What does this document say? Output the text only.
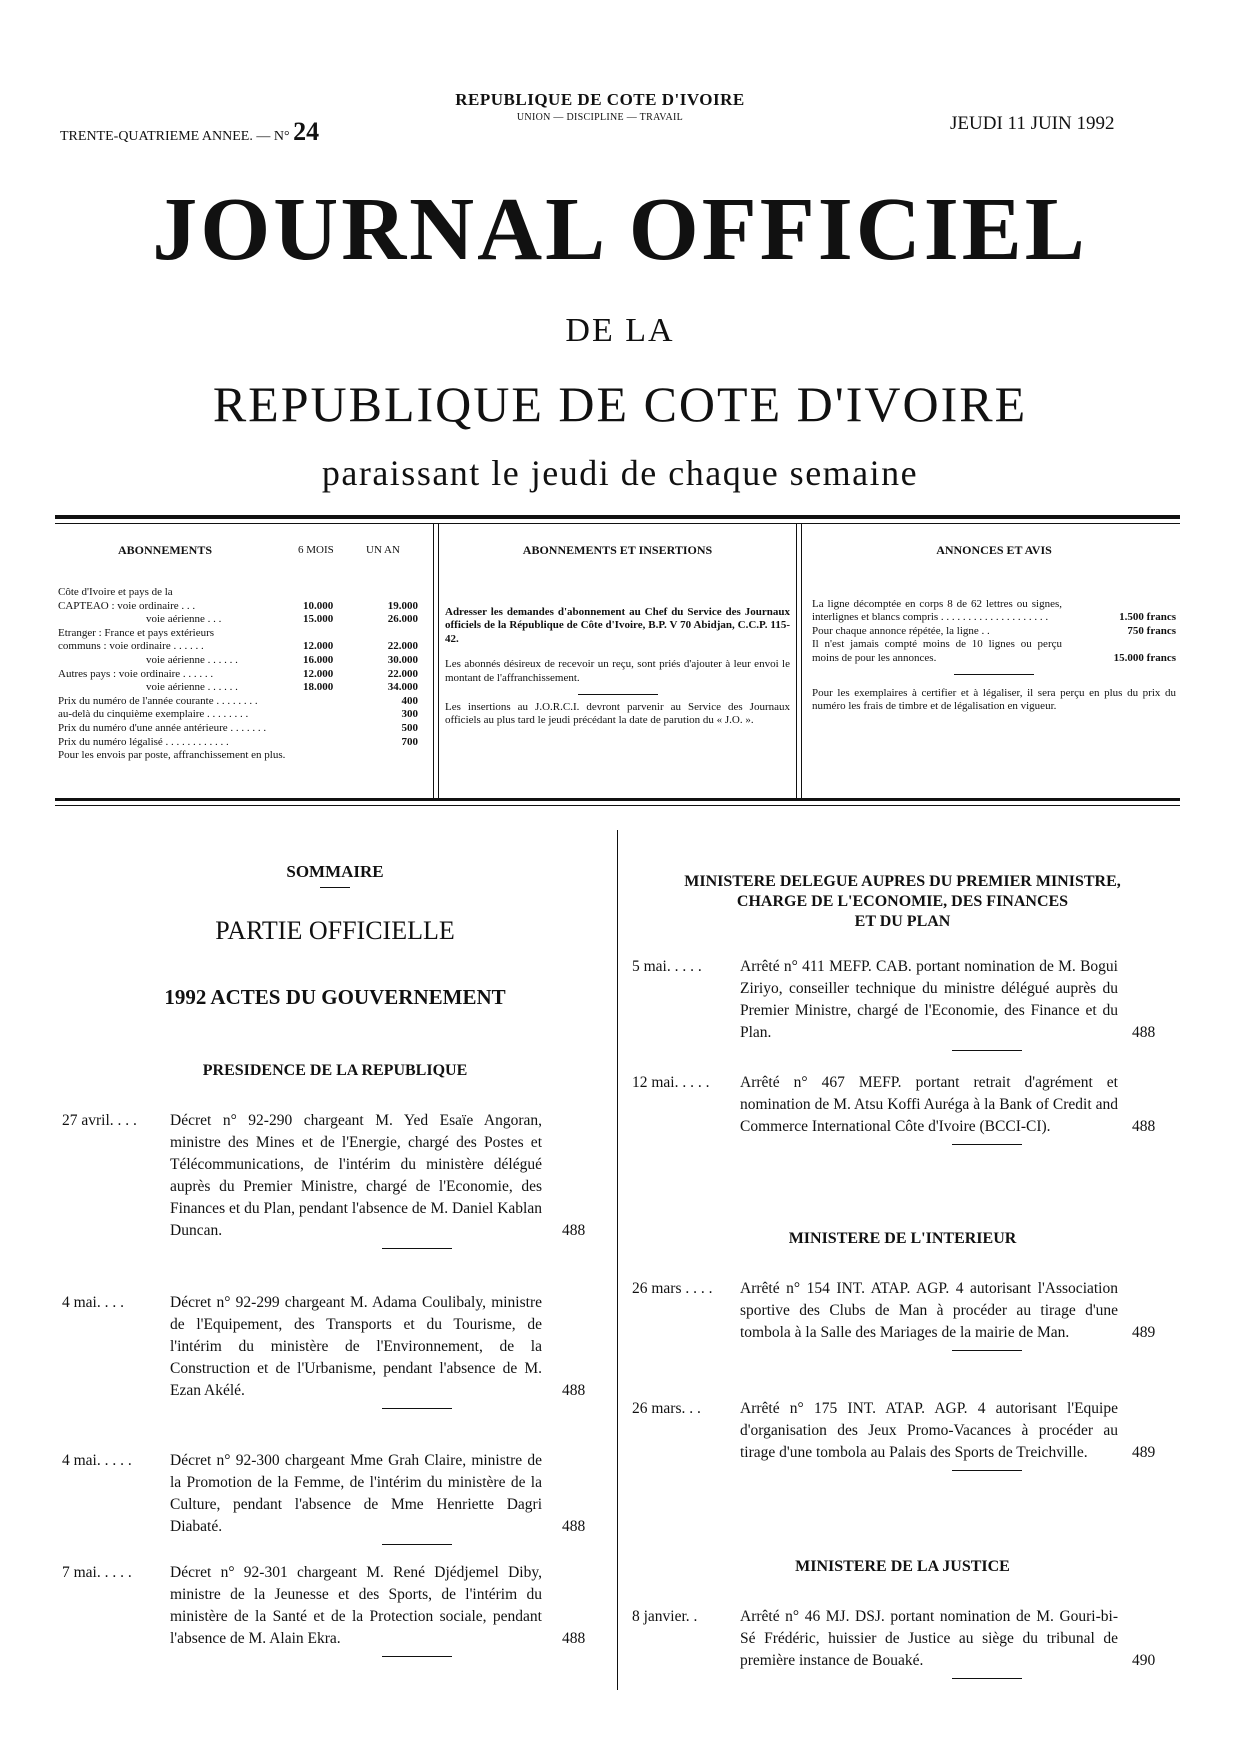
TRENTE-QUATRIEME ANNEE. — N° 24
REPUBLIQUE DE COTE D'IVOIRE
UNION — DISCIPLINE — TRAVAIL	JEUDI 11 JUIN 1992
JOURNAL OFFICIEL
DE LA
REPUBLIQUE DE COTE D'IVOIRE
paraissant le jeudi de chaque semaine
ABONNEMENTS	6 MOIS	UN AN
Côte d'Ivoire et pays de la
CAPTEAO : voie ordinaire . . .	10.000	19.000
voie aérienne . . .	15.000	26.000
Etranger : France et pays extérieurs
communs : voie ordinaire . . . . . .	12.000	22.000
voie aérienne . . . . . .	16.000	30.000
Autres pays : voie ordinaire . . . . . .	12.000	22.000
voie aérienne . . . . . .	18.000	34.000
Prix du numéro de l'année courante . . . . . . . .	400
au-delà du cinquième exemplaire . . . . . . . .	300
Prix du numéro d'une année antérieure . . . . . . .	500
Prix du numéro légalisé . . . . . . . . . . . .	700
Pour les envois par poste, affranchissement en plus.
ABONNEMENTS ET INSERTIONS
Adresser les demandes d'abonnement au Chef du Service des Journaux officiels de la République de Côte d'Ivoire, B.P. V 70 Abidjan, C.C.P. 115-42.
Les abonnés désireux de recevoir un reçu, sont priés d'ajouter à leur envoi le montant de l'affranchissement.
Les insertions au J.O.R.C.I. devront parvenir au Service des Journaux officiels au plus tard le jeudi précédant la date de parution du « J.O. ».
ANNONCES ET AVIS
La ligne décomptée en corps 8 de 62 lettres ou signes, interlignes et blancs compris . . . . . . . . . . . . . . . . . . . .	1.500 francs
Pour chaque annonce répétée, la ligne . .	750 francs
Il n'est jamais compté moins de 10 lignes ou perçu moins de pour les annonces.	15.000 francs
Pour les exemplaires à certifier et à légaliser, il sera perçu en plus du prix du numéro les frais de timbre et de légalisation en vigueur.
SOMMAIRE
PARTIE OFFICIELLE
1992 ACTES DU GOUVERNEMENT
PRESIDENCE DE LA REPUBLIQUE
27 avril. . . . Décret n° 92-290 chargeant M. Yed Esaïe Angoran, ministre des Mines et de l'Energie, chargé des Postes et Télécommunications, de l'intérim du ministère délégué auprès du Premier Ministre, chargé de l'Economie, des Finances et du Plan, pendant l'absence de M. Daniel Kablan Duncan.	488
4 mai. . . .	Décret n° 92-299 chargeant M. Adama Coulibaly, ministre de l'Equipement, des Transports et du Tourisme, de l'intérim du ministère de l'Environnement, de la Construction et de l'Urbanisme, pendant l'absence de M. Ezan Akélé.	488
4 mai. . . . . Décret n° 92-300 chargeant Mme Grah Claire, ministre de la Promotion de la Femme, de l'intérim du ministère de la Culture, pendant l'absence de Mme Henriette Dagri Diabaté.	488
7 mai. . . . . Décret n° 92-301 chargeant M. René Djédjemel Diby, ministre de la Jeunesse et des Sports, de l'intérim du ministère de la Santé et de la Protection sociale, pendant l'absence de M. Alain Ekra.	488
MINISTERE DELEGUE AUPRES DU PREMIER MINISTRE,
CHARGE DE L'ECONOMIE, DES FINANCES
ET DU PLAN
MINISTERE DE L'INTERIEUR
MINISTERE DE LA JUSTICE
5 mai. . . . . Arrêté n° 411 MEFP. CAB. portant nomination de M. Bogui Ziriyo, conseiller technique du ministre délégué auprès du Premier Ministre, chargé de l'Economie, des Finance et du Plan.	488
12 mai. . . . . Arrêté n° 467 MEFP. portant retrait d'agrément et nomination de M. Atsu Koffi Auréga à la Bank of Credit and Commerce International Côte d'Ivoire (BCCI-CI).	488
26 mars . . . . Arrêté n° 154 INT. ATAP. AGP. 4 autorisant l'Association sportive des Clubs de Man à procéder au tirage d'une tombola à la Salle des Mariages de la mairie de Man.	489
26 mars. . .	Arrêté n° 175 INT. ATAP. AGP. 4 autorisant l'Equipe d'organisation des Jeux Promo-Vacances à procéder au tirage d'une tombola au Palais des Sports de Treichville.	489
8 janvier. .	Arrêté n° 46 MJ. DSJ. portant nomination de M. Gouri-bi-Sé Frédéric, huissier de Justice au siège du tribunal de première instance de Bouaké.	490
